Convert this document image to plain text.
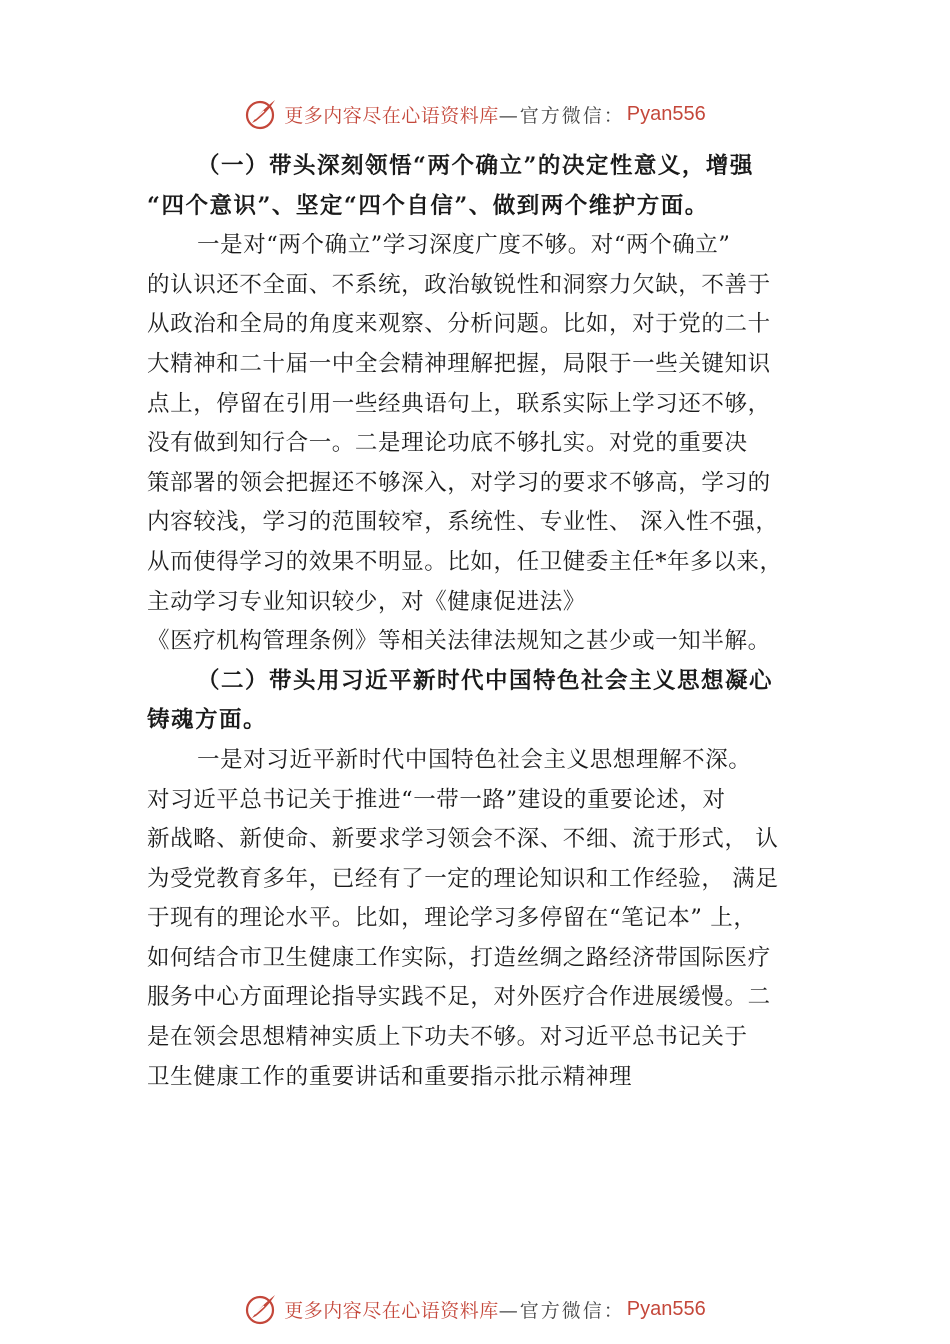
更多内容尽在心语资料库 —官方微信： Pyan556
（一）带头深刻领悟“两个确立”的决定性意义，增强
“四个意识”、坚定“四个自信”、做到两个维护方面。
一是对“两个确立”学习深度广度不够。对“两个确立”
的认识还不全面、不系统，政治敏锐性和洞察力欠缺，不善于
从政治和全局的角度来观察、分析问题。比如，对于党的二十
大精神和二十届一中全会精神理解把握，局限于一些关键知识
点上，停留在引用一些经典语句上，联系实际上学习还不够，
没有做到知行合一。二是理论功底不够扎实。对党的重要决
策部署的领会把握还不够深入，对学习的要求不够高，学习的
内容较浅，学习的范围较窄，系统性、专业性、 深入性不强，
从而使得学习的效果不明显。比如，任卫健委主任*年多以来，
主动学习专业知识较少，对《健康促进法》
《医疗机构管理条例》等相关法律法规知之甚少或一知半解。
（二）带头用习近平新时代中国特色社会主义思想凝心
铸魂方面。
一是对习近平新时代中国特色社会主义思想理解不深。
对习近平总书记关于推进“一带一路”建设的重要论述，对
新战略、新使命、新要求学习领会不深、不细、流于形式， 认
为受党教育多年，已经有了一定的理论知识和工作经验， 满足
于现有的理论水平。比如，理论学习多停留在“笔记本” 上，
如何结合市卫生健康工作实际，打造丝绸之路经济带国际医疗
服务中心方面理论指导实践不足，对外医疗合作进展缓慢。二
是在领会思想精神实质上下功夫不够。对习近平总书记关于
卫生健康工作的重要讲话和重要指示批示精神理
更多内容尽在心语资料库 —官方微信： Pyan556
